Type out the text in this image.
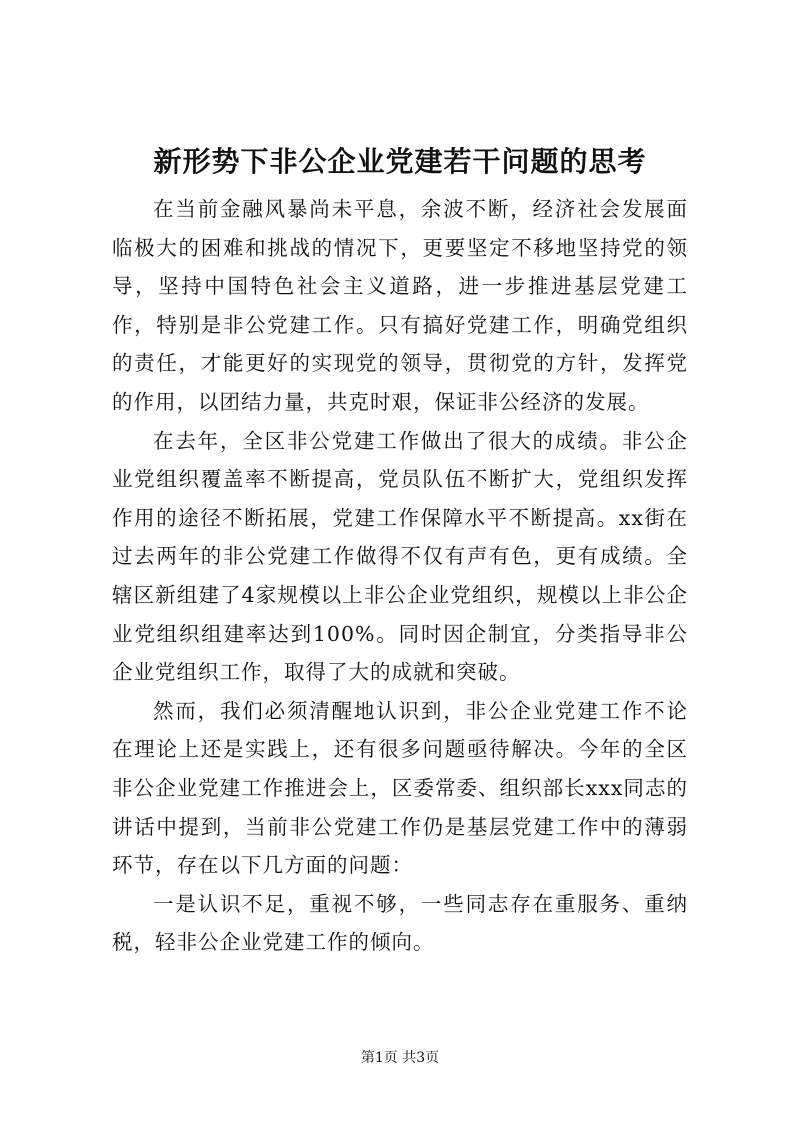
新形势下非公企业党建若干问题的思考

在当前金融风暴尚未平息，余波不断，经济社会发展面临极大的困难和挑战的情况下，更要坚定不移地坚持党的领导，坚持中国特色社会主义道路，进一步推进基层党建工作，特别是非公党建工作。只有搞好党建工作，明确党组织的责任，才能更好的实现党的领导，贯彻党的方针，发挥党的作用，以团结力量，共克时艰，保证非公经济的发展。

在去年，全区非公党建工作做出了很大的成绩。非公企业党组织覆盖率不断提高，党员队伍不断扩大，党组织发挥作用的途径不断拓展，党建工作保障水平不断提高。xx街在过去两年的非公党建工作做得不仅有声有色，更有成绩。全辖区新组建了4家规模以上非公企业党组织，规模以上非公企业党组织组建率达到100%。同时因企制宜，分类指导非公企业党组织工作，取得了大的成就和突破。

然而，我们必须清醒地认识到，非公企业党建工作不论在理论上还是实践上，还有很多问题亟待解决。今年的全区非公企业党建工作推进会上，区委常委、组织部长xxx同志的讲话中提到，当前非公党建工作仍是基层党建工作中的薄弱环节，存在以下几方面的问题：

一是认识不足，重视不够，一些同志存在重服务、重纳税，轻非公企业党建工作的倾向。

第1页 共3页
